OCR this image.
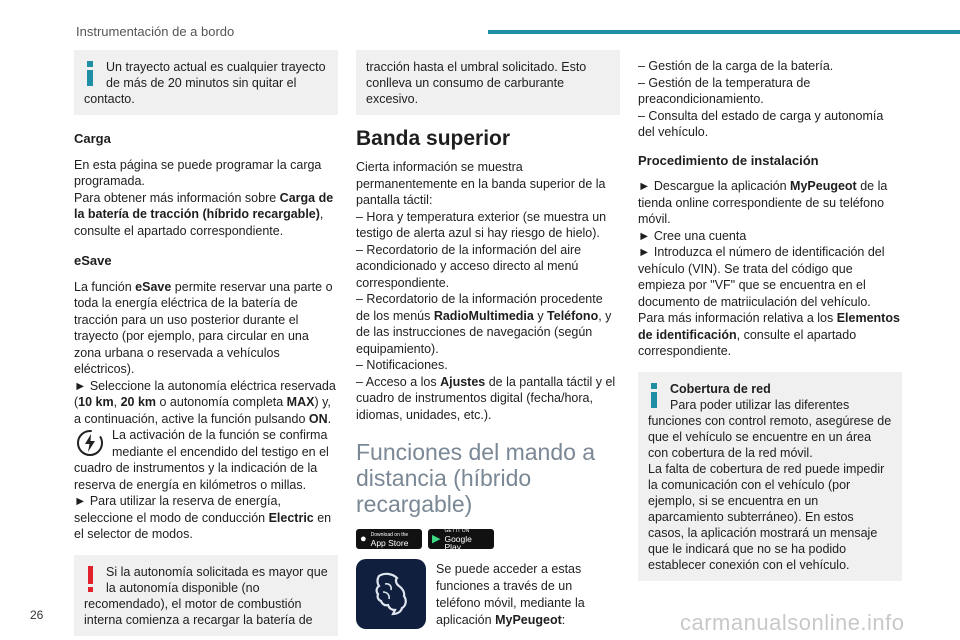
Instrumentación de a bordo

Un trayecto actual es cualquier trayecto de más de 20 minutos sin quitar el contacto.

Carga

En esta página se puede programar la carga programada.

Para obtener más información sobre Carga de la batería de tracción (híbrido recargable), consulte el apartado correspondiente.

eSave

La función eSave permite reservar una parte o toda la energía eléctrica de la batería de tracción para un uso posterior durante el trayecto (por ejemplo, para circular en una zona urbana o reservada a vehículos eléctricos).

► Seleccione la autonomía eléctrica reservada (10 km, 20 km o autonomía completa MAX) y, a continuación, active la función pulsando ON.

La activación de la función se confirma mediante el encendido del testigo en el cuadro de instrumentos y la indicación de la reserva de energía en kilómetros o millas.

► Para utilizar la reserva de energía, seleccione el modo de conducción Electric en el selector de modos.

Si la autonomía solicitada es mayor que la autonomía disponible (no recomendado), el motor de combustión interna comienza a recargar la batería de

tracción hasta el umbral solicitado. Esto conlleva un consumo de carburante excesivo.

Banda superior

Cierta información se muestra permanentemente en la banda superior de la pantalla táctil:

– Hora y temperatura exterior (se muestra un testigo de alerta azul si hay riesgo de hielo).

– Recordatorio de la información del aire acondicionado y acceso directo al menú correspondiente.

– Recordatorio de la información procedente de los menús RadioMultimedia y Teléfono, y de las instrucciones de navegación (según equipamiento).

– Notificaciones.

– Acceso a los Ajustes de la pantalla táctil y el cuadro de instrumentos digital (fecha/hora, idiomas, unidades, etc.).

Funciones del mando a distancia (híbrido recargable)
● Download on the
App Store ▶
GET IT ON
Google Play

Se puede acceder a estas funciones a través de un teléfono móvil, mediante la aplicación MyPeugeot:

– Gestión de la carga de la batería.

– Gestión de la temperatura de preacondicionamiento.

– Consulta del estado de carga y autonomía del vehículo.

Procedimiento de instalación

► Descargue la aplicación MyPeugeot de la tienda online correspondiente de su teléfono móvil.

► Cree una cuenta

► Introduzca el número de identificación del vehículo (VIN). Se trata del código que empieza por "VF" que se encuentra en el documento de matriiculación del vehículo.

Para más información relativa a los Elementos de identificación, consulte el apartado correspondiente.

Cobertura de red

Para poder utilizar las diferentes funciones con control remoto, asegúrese de que el vehículo se encuentre en un área con cobertura de la red móvil.

La falta de cobertura de red puede impedir la comunicación con el vehículo (por ejemplo, si se encuentra en un aparcamiento subterráneo). En estos casos, la aplicación mostrará un mensaje que le indicará que no se ha podido establecer conexión con el vehículo.

26	carmanualsonline.info
